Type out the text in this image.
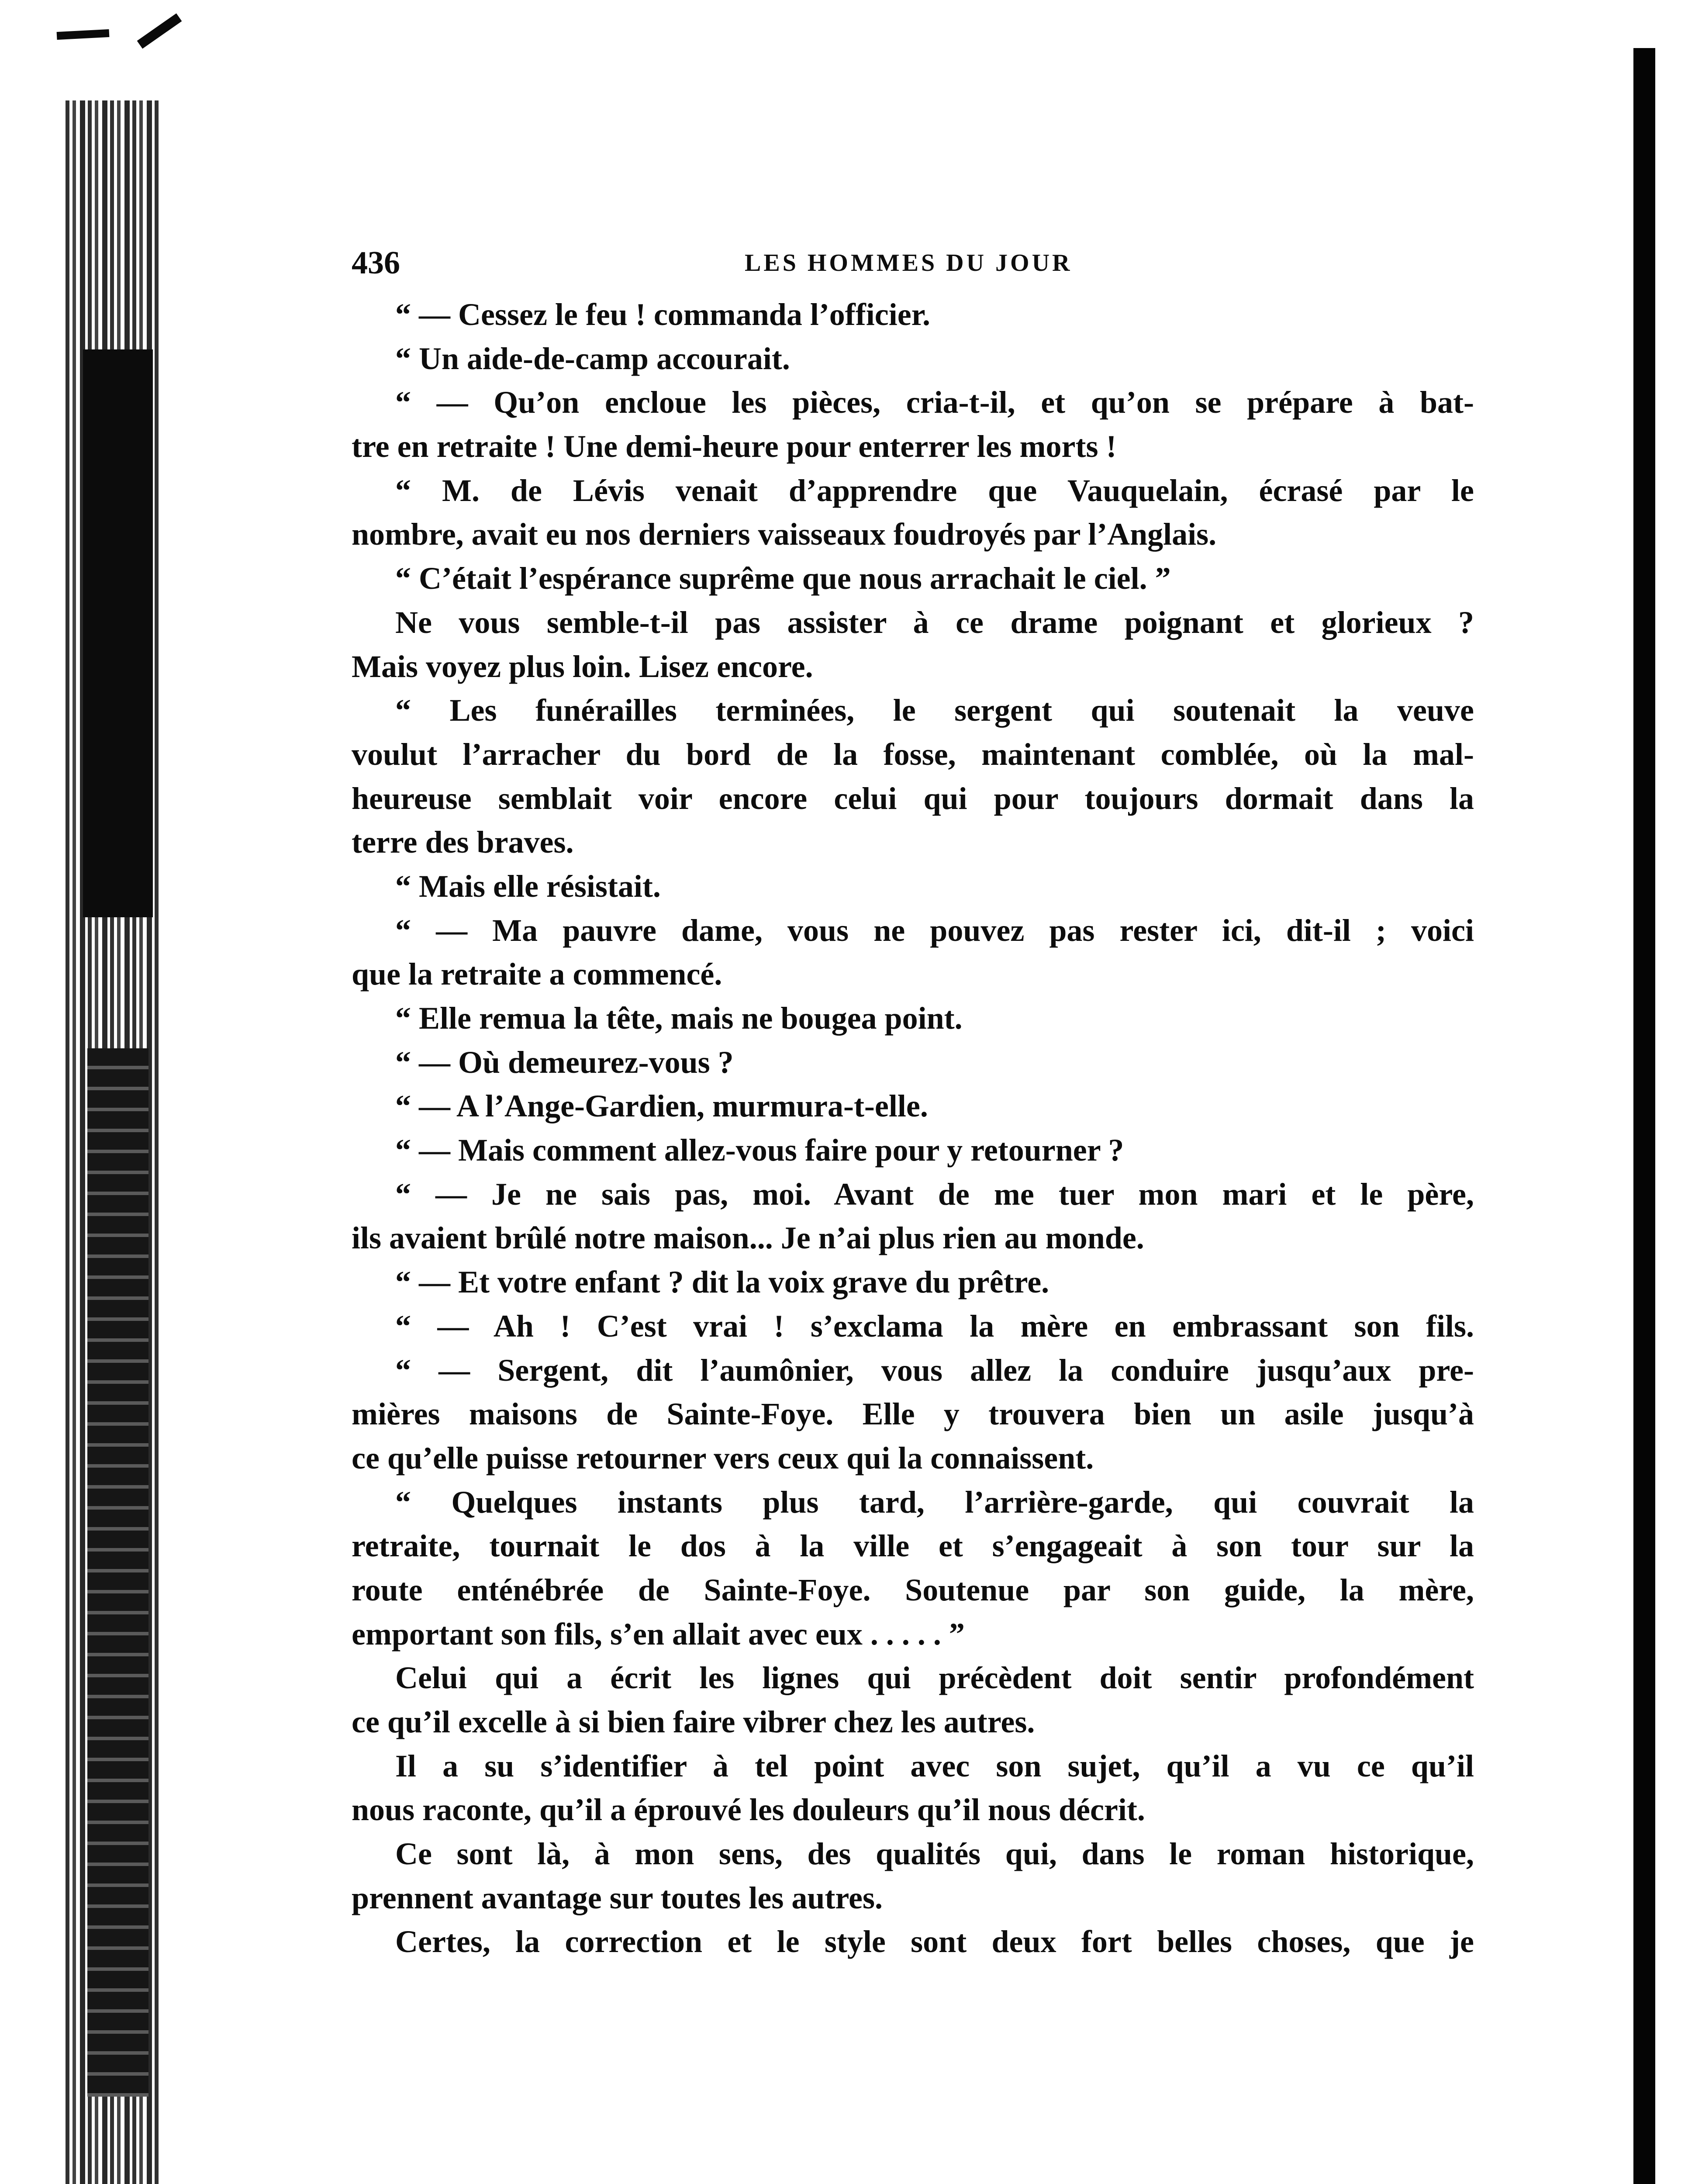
436	LES HOMMES DU JOUR
“ — Cessez le feu ! commanda l’officier.
“ Un aide-de-camp accourait.
“ — Qu’on encloue les pièces, cria-t-il, et qu’on se prépare à bat-
tre en retraite ! Une demi-heure pour enterrer les morts !
“ M. de Lévis venait d’apprendre que Vauquelain, écrasé par le
nombre, avait eu nos derniers vaisseaux foudroyés par l’Anglais.
“ C’était l’espérance suprême que nous arrachait le ciel. ”
Ne vous semble-t-il pas assister à ce drame poignant et glorieux ?
Mais voyez plus loin. Lisez encore.
“ Les funérailles terminées, le sergent qui soutenait la veuve
voulut l’arracher du bord de la fosse, maintenant comblée, où la mal-
heureuse semblait voir encore celui qui pour toujours dormait dans la
terre des braves.
“ Mais elle résistait.
“ — Ma pauvre dame, vous ne pouvez pas rester ici, dit-il ; voici
que la retraite a commencé.
“ Elle remua la tête, mais ne bougea point.
“ — Où demeurez-vous ?
“ — A l’Ange-Gardien, murmura-t-elle.
“ — Mais comment allez-vous faire pour y retourner ?
“ — Je ne sais pas, moi. Avant de me tuer mon mari et le père,
ils avaient brûlé notre maison... Je n’ai plus rien au monde.
“ — Et votre enfant ? dit la voix grave du prêtre.
“ — Ah ! C’est vrai ! s’exclama la mère en embrassant son fils.
“ — Sergent, dit l’aumônier, vous allez la conduire jusqu’aux pre-
mières maisons de Sainte-Foye. Elle y trouvera bien un asile jusqu’à
ce qu’elle puisse retourner vers ceux qui la connaissent.
“ Quelques instants plus tard, l’arrière-garde, qui couvrait la
retraite, tournait le dos à la ville et s’engageait à son tour sur la
route enténébrée de Sainte-Foye. Soutenue par son guide, la mère,
emportant son fils, s’en allait avec eux . . . . . ”
Celui qui a écrit les lignes qui précèdent doit sentir profondément
ce qu’il excelle à si bien faire vibrer chez les autres.
Il a su s’identifier à tel point avec son sujet, qu’il a vu ce qu’il
nous raconte, qu’il a éprouvé les douleurs qu’il nous décrit.
Ce sont là, à mon sens, des qualités qui, dans le roman historique,
prennent avantage sur toutes les autres.
Certes, la correction et le style sont deux fort belles choses, que je
